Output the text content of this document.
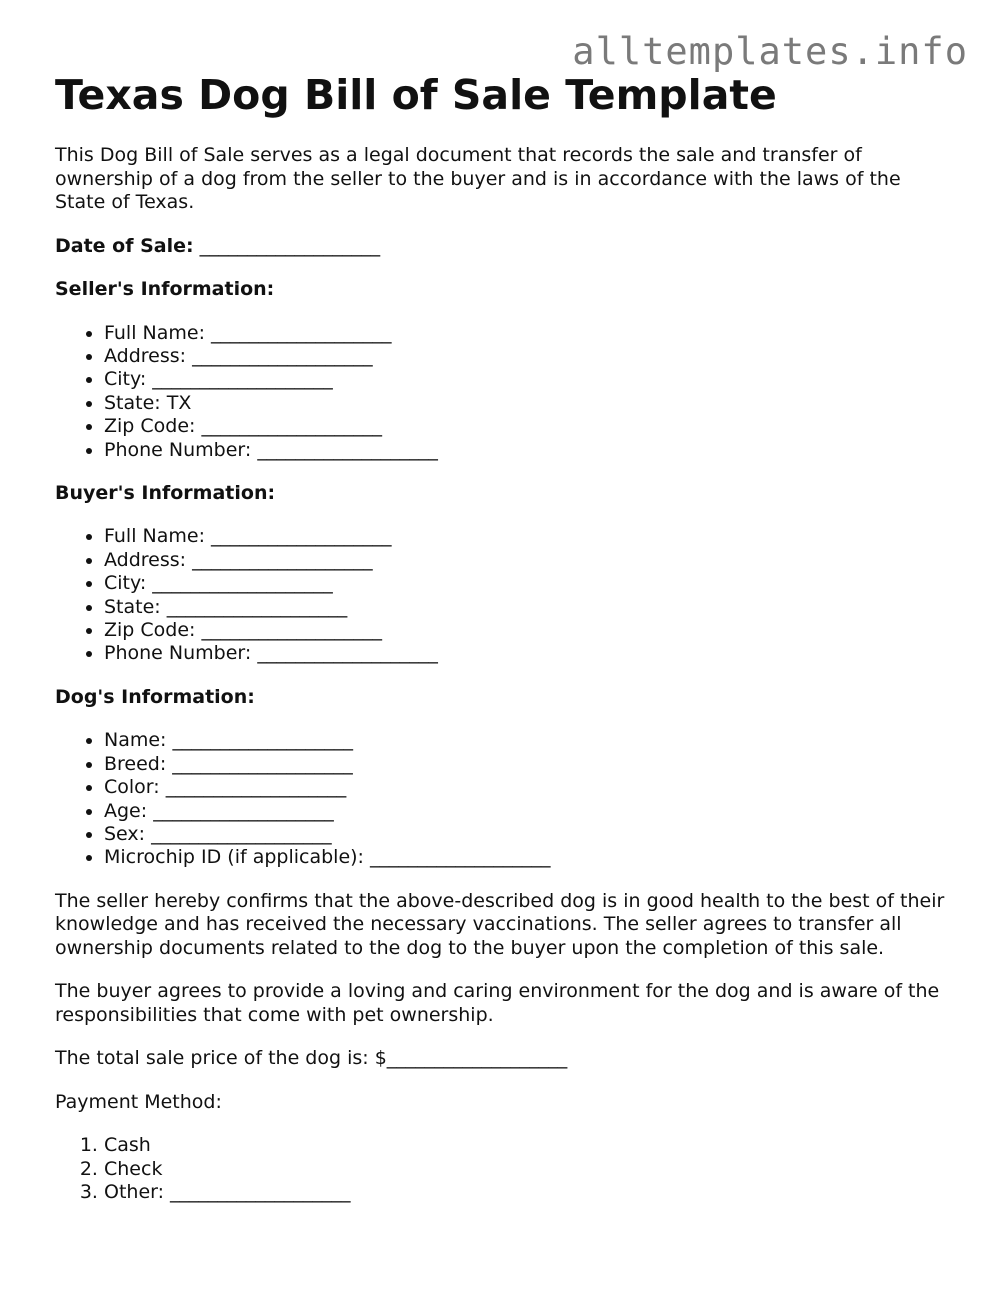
alltemplates.info
Texas Dog Bill of Sale Template

This Dog Bill of Sale serves as a legal document that records the sale and transfer of ownership of a dog from the seller to the buyer and is in accordance with the laws of the State of Texas.

Date of Sale: ___________________

Seller's Information:

• Full Name: ___________________
• Address: ___________________
• City: ___________________
• State: TX
• Zip Code: ___________________
• Phone Number: ___________________

Buyer's Information:

• Full Name: ___________________
• Address: ___________________
• City: ___________________
• State: ___________________
• Zip Code: ___________________
• Phone Number: ___________________

Dog's Information:

• Name: ___________________
• Breed: ___________________
• Color: ___________________
• Age: ___________________
• Sex: ___________________
• Microchip ID (if applicable): ___________________

The seller hereby confirms that the above-described dog is in good health to the best of their knowledge and has received the necessary vaccinations. The seller agrees to transfer all ownership documents related to the dog to the buyer upon the completion of this sale.

The buyer agrees to provide a loving and caring environment for the dog and is aware of the responsibilities that come with pet ownership.

The total sale price of the dog is: $___________________

Payment Method:

1. Cash
2. Check
3. Other: ___________________
